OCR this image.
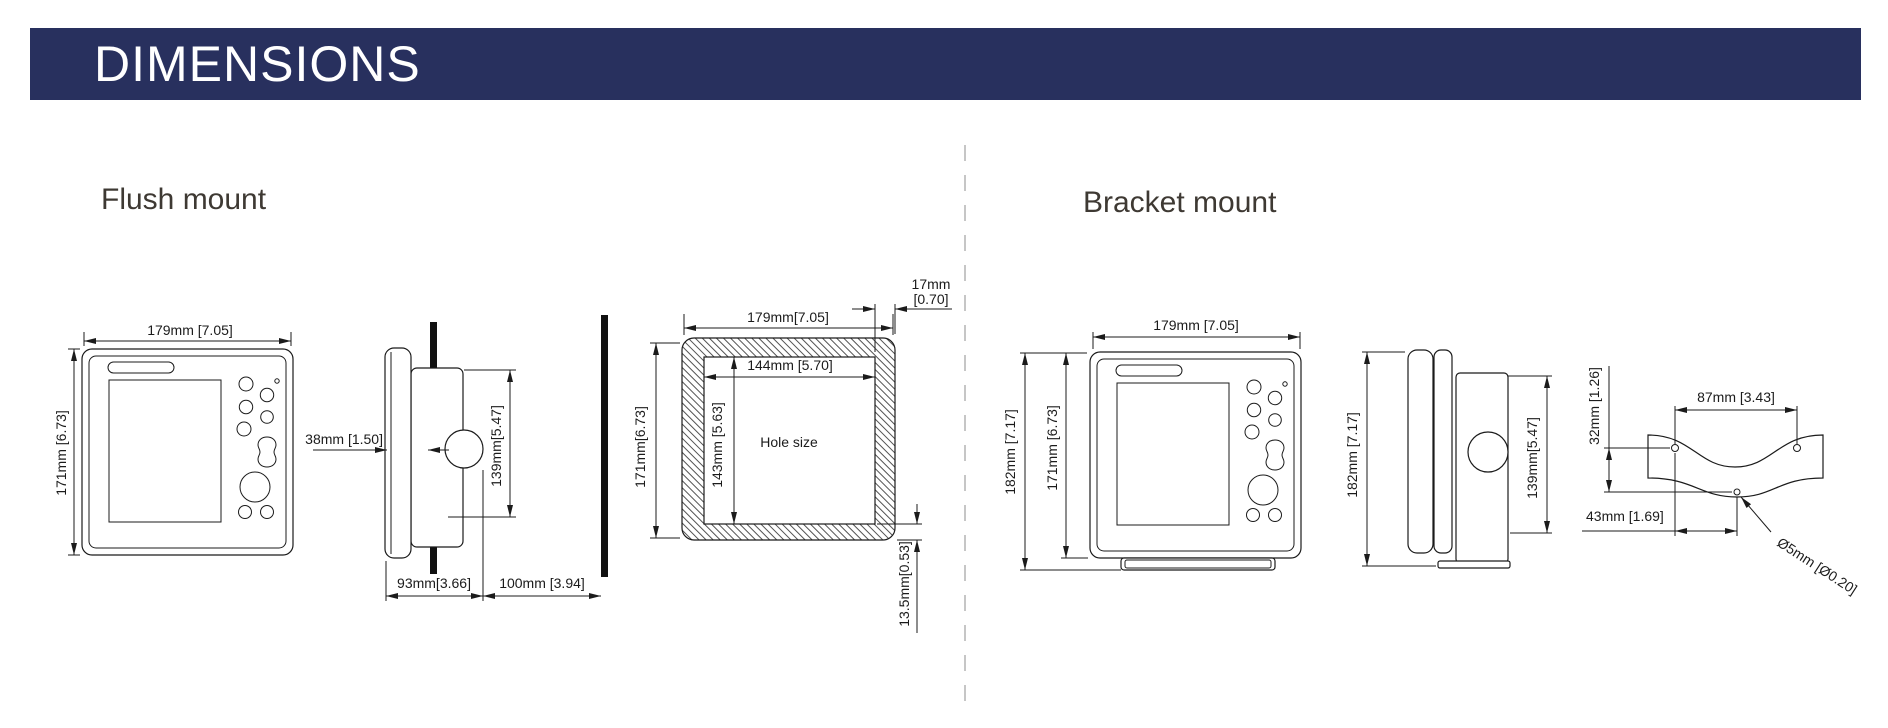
DIMENSIONS
Flush mount	Bracket mount
179mm [7.05]
171mm [6.73]	38mm [1.50]	139mm[5.47]
93mm[3.66] 100mm [3.94]
Hole size
179mm[7.05]
17mm
[0.70]
144mm [5.70]
171mm[6.73]	143mm [5.63]
13.5mm[0.53]
179mm [7.05]
182mm [7.17] 171mm [6.73]	182mm [7.17]	139mm[5.47]
87mm [3.43]
32mm [1.26]
43mm [1.69]
Ø5mm [Ø0.20]
